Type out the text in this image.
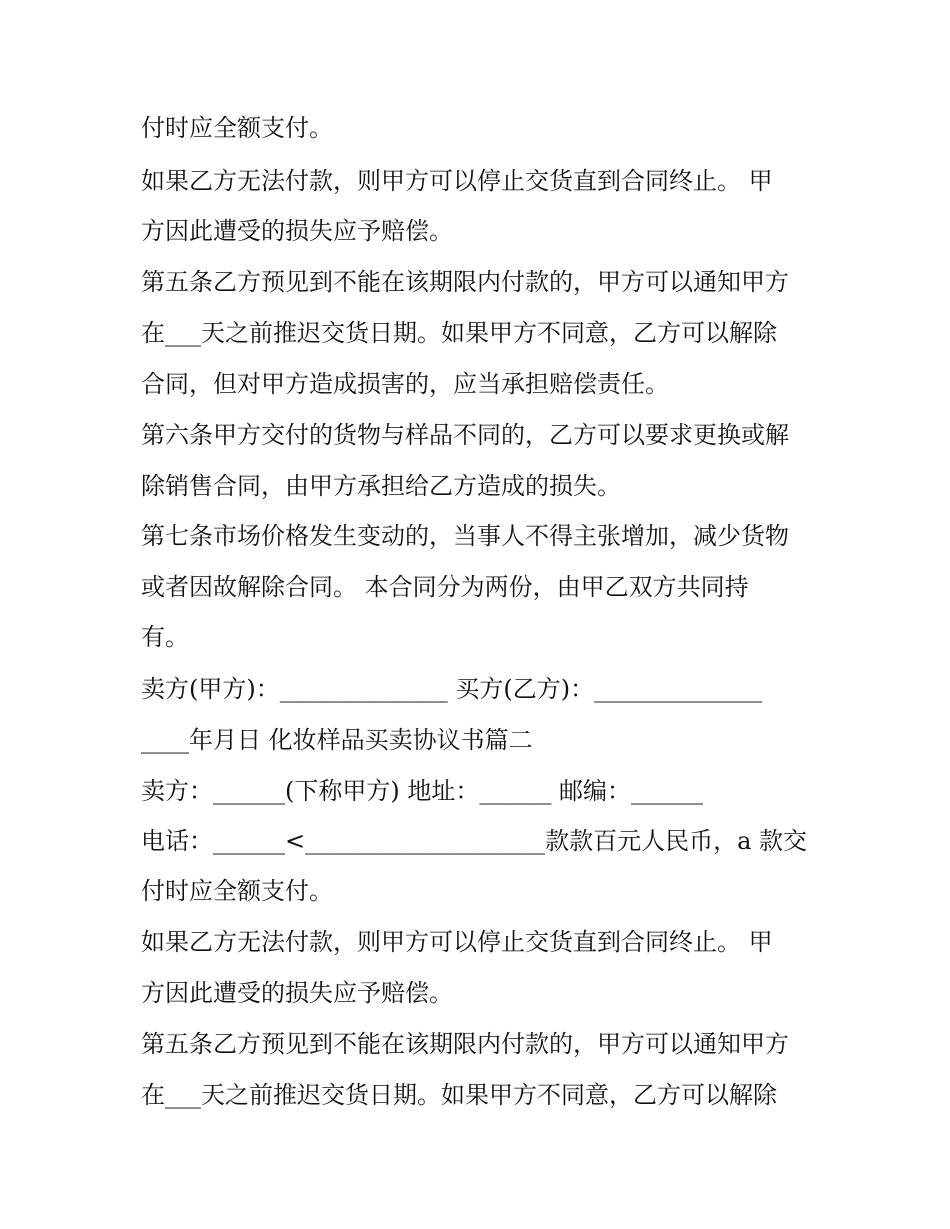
付时应全额支付。
如果乙方无法付款，则甲方可以停止交货直到合同终止。 甲
方因此遭受的损失应予赔偿。
第五条乙方预见到不能在该期限内付款的，甲方可以通知甲方
在___天之前推迟交货日期。如果甲方不同意，乙方可以解除
合同，但对甲方造成损害的，应当承担赔偿责任。
第六条甲方交付的货物与样品不同的，乙方可以要求更换或解
除销售合同，由甲方承担给乙方造成的损失。
第七条市场价格发生变动的，当事人不得主张增加，减少货物
或者因故解除合同。 本合同分为两份，由甲乙双方共同持
有。
卖方(甲方)：______________ 买方(乙方)：______________
____年月日 化妆样品买卖协议书篇二
卖方：______(下称甲方) 地址：______ 邮编：______
电话：______<____________________款款百元人民币，a 款交
付时应全额支付。
如果乙方无法付款，则甲方可以停止交货直到合同终止。 甲
方因此遭受的损失应予赔偿。
第五条乙方预见到不能在该期限内付款的，甲方可以通知甲方
在___天之前推迟交货日期。如果甲方不同意，乙方可以解除
